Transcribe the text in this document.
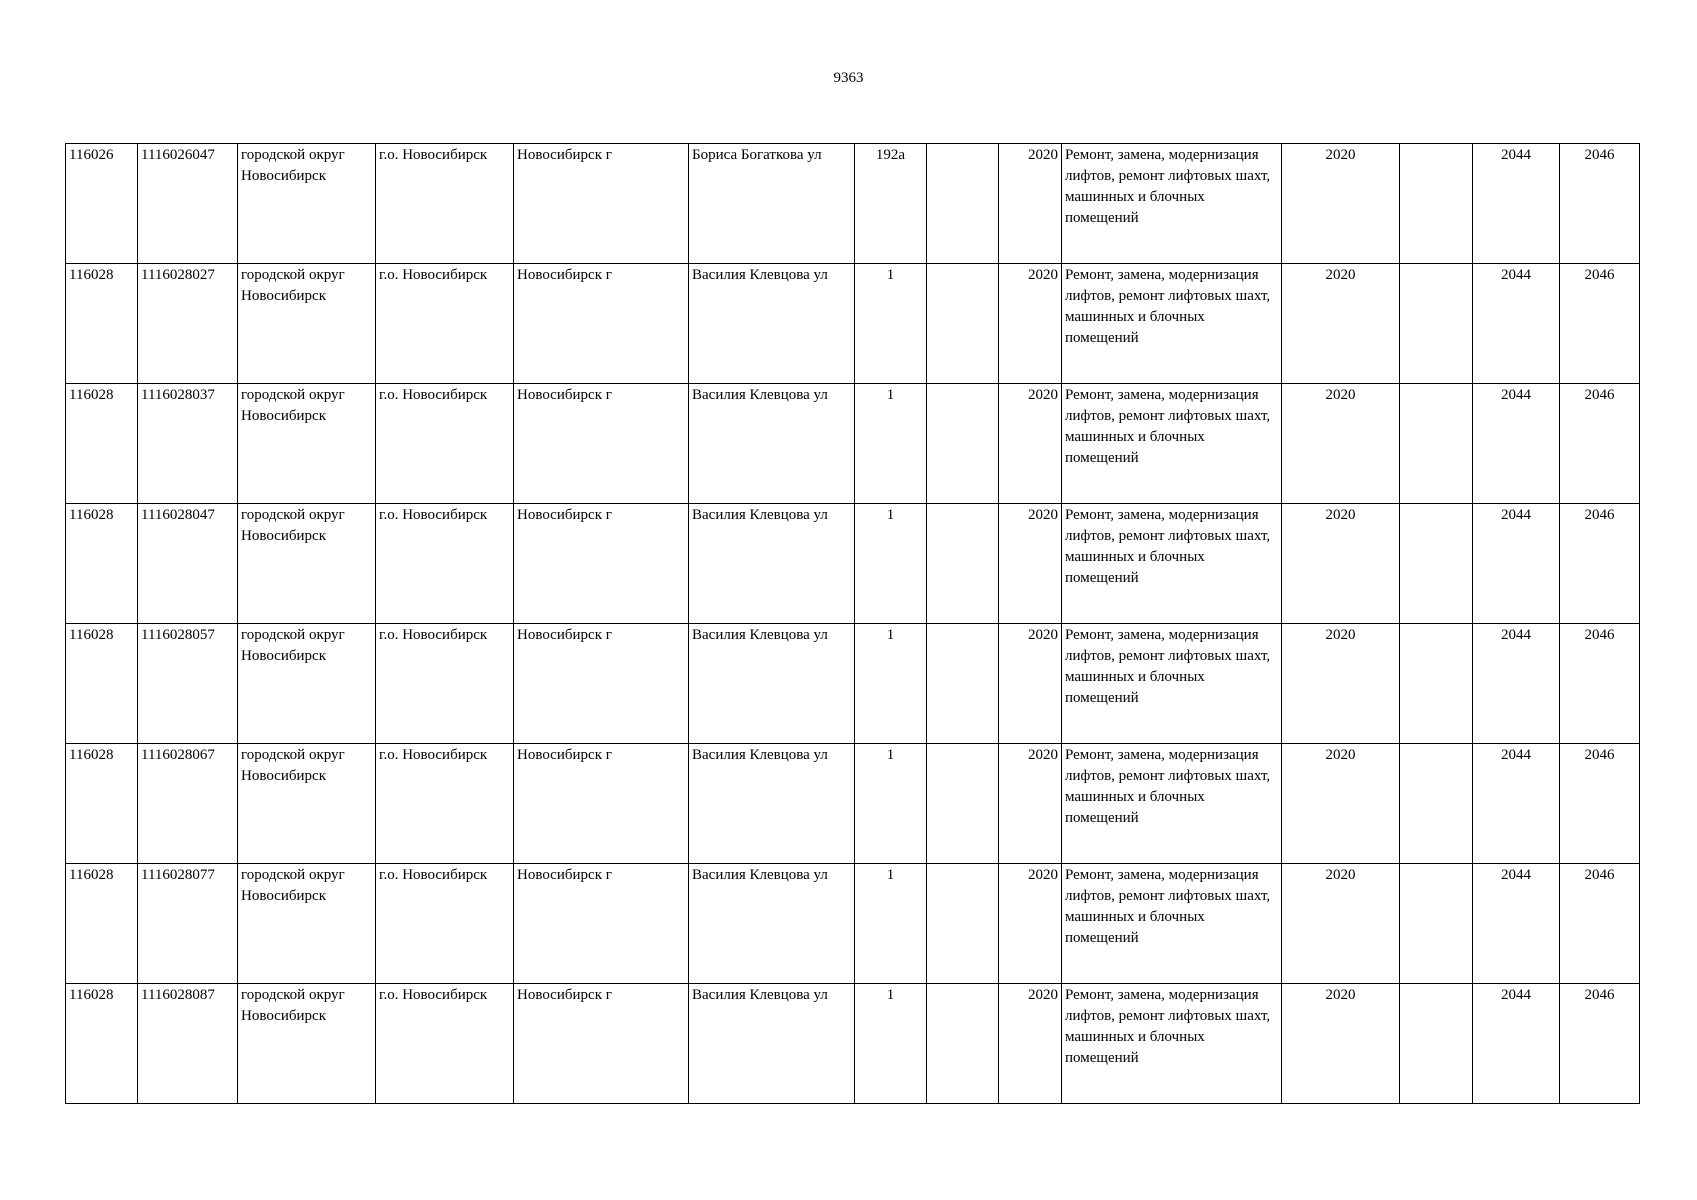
9363
116026	1116026047	городской округ Новосибирск	г.о. Новосибирск	Новосибирск г	Бориса Богаткова ул	192а		2020	Ремонт, замена, модернизация лифтов, ремонт лифтовых шахт, машинных и блочных помещений	2020		2044	2046
116028	1116028027	городской округ Новосибирск	г.о. Новосибирск	Новосибирск г	Василия Клевцова ул	1		2020	Ремонт, замена, модернизация лифтов, ремонт лифтовых шахт, машинных и блочных помещений	2020		2044	2046
116028	1116028037	городской округ Новосибирск	г.о. Новосибирск	Новосибирск г	Василия Клевцова ул	1		2020	Ремонт, замена, модернизация лифтов, ремонт лифтовых шахт, машинных и блочных помещений	2020		2044	2046
116028	1116028047	городской округ Новосибирск	г.о. Новосибирск	Новосибирск г	Василия Клевцова ул	1		2020	Ремонт, замена, модернизация лифтов, ремонт лифтовых шахт, машинных и блочных помещений	2020		2044	2046
116028	1116028057	городской округ Новосибирск	г.о. Новосибирск	Новосибирск г	Василия Клевцова ул	1		2020	Ремонт, замена, модернизация лифтов, ремонт лифтовых шахт, машинных и блочных помещений	2020		2044	2046
116028	1116028067	городской округ Новосибирск	г.о. Новосибирск	Новосибирск г	Василия Клевцова ул	1		2020	Ремонт, замена, модернизация лифтов, ремонт лифтовых шахт, машинных и блочных помещений	2020		2044	2046
116028	1116028077	городской округ Новосибирск	г.о. Новосибирск	Новосибирск г	Василия Клевцова ул	1		2020	Ремонт, замена, модернизация лифтов, ремонт лифтовых шахт, машинных и блочных помещений	2020		2044	2046
116028	1116028087	городской округ Новосибирск	г.о. Новосибирск	Новосибирск г	Василия Клевцова ул	1		2020	Ремонт, замена, модернизация лифтов, ремонт лифтовых шахт, машинных и блочных помещений	2020		2044	2046
